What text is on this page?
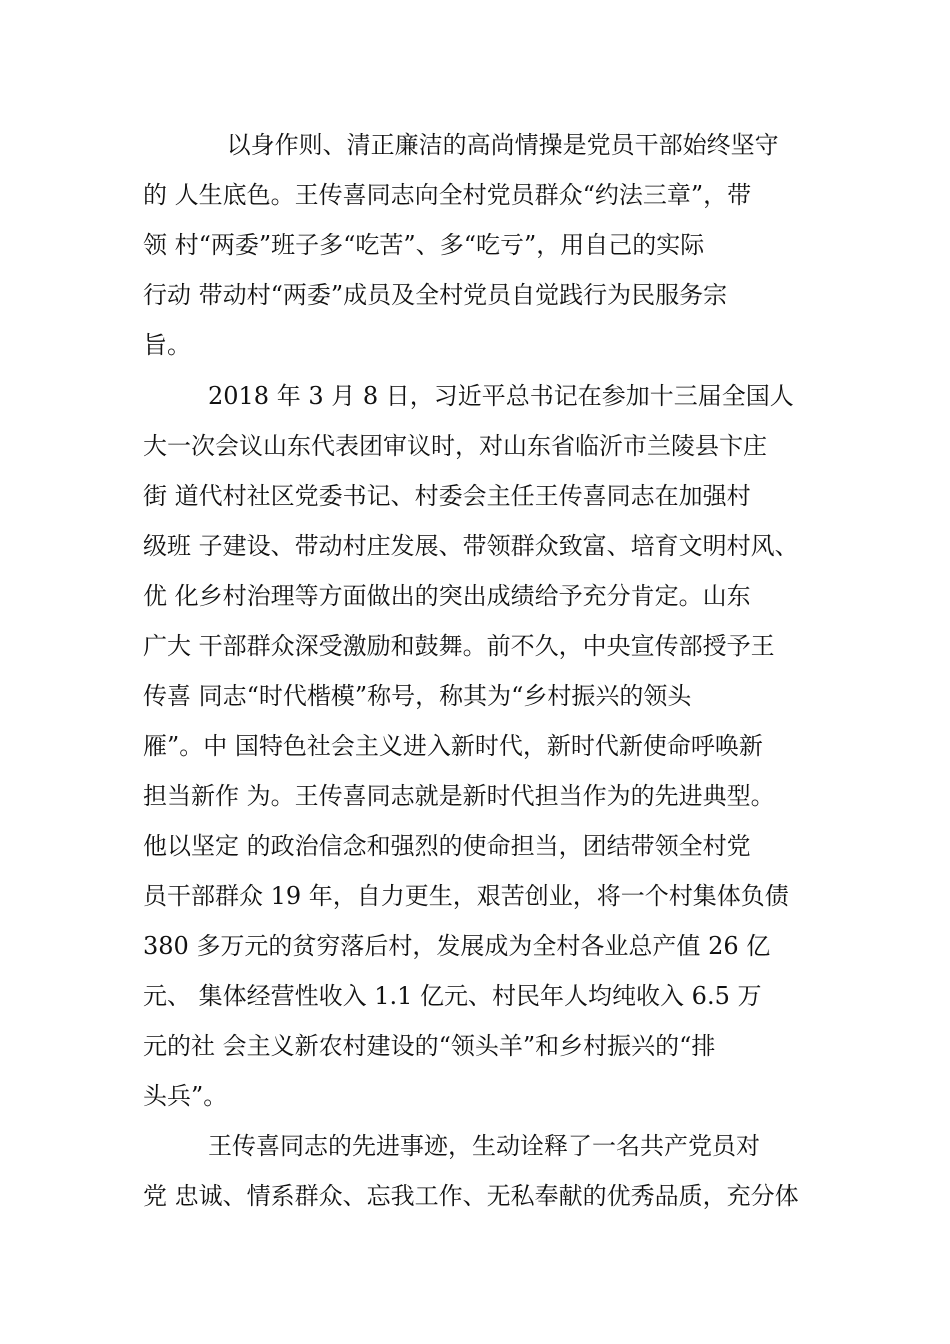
以身作则、清正廉洁的高尚情操是党员干部始终坚守

的 人生底色。王传喜同志向全村党员群众“约法三章”，带

领 村“两委”班子多“吃苦”、多“吃亏”，用自己的实际

行动 带动村“两委”成员及全村党员自觉践行为民服务宗

旨。

2018 年 3 月 8 日，习近平总书记在参加十三届全国人

大一次会议山东代表团审议时，对山东省临沂市兰陵县卞庄

街 道代村社区党委书记、村委会主任王传喜同志在加强村

级班 子建设、带动村庄发展、带领群众致富、培育文明村风、

优 化乡村治理等方面做出的突出成绩给予充分肯定。山东

广大 干部群众深受激励和鼓舞。前不久，中央宣传部授予王

传喜 同志“时代楷模”称号，称其为“乡村振兴的领头

雁”。中 国特色社会主义进入新时代，新时代新使命呼唤新

担当新作 为。王传喜同志就是新时代担当作为的先进典型。

他以坚定 的政治信念和强烈的使命担当，团结带领全村党

员干部群众 19 年，自力更生，艰苦创业，将一个村集体负债

380 多万元的贫穷落后村，发展成为全村各业总产值 26 亿

元、 集体经营性收入 1.1 亿元、村民年人均纯收入 6.5 万

元的社 会主义新农村建设的“领头羊”和乡村振兴的“排

头兵”。

王传喜同志的先进事迹，生动诠释了一名共产党员对

党 忠诚、情系群众、忘我工作、无私奉献的优秀品质，充分体
